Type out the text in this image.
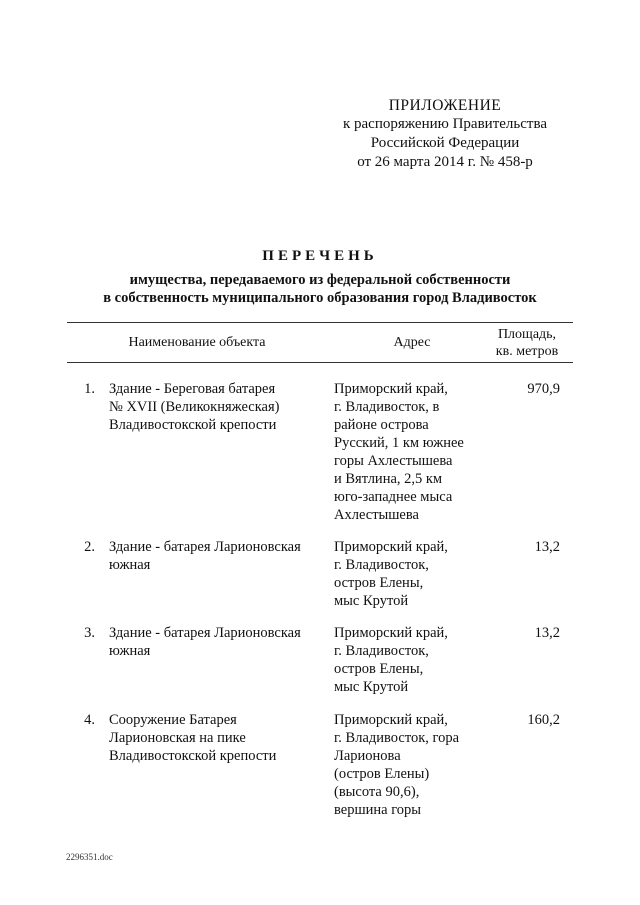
ПРИЛОЖЕНИЕ
к распоряжению Правительства
Российской Федерации
от 26 марта 2014 г. № 458-р
ПЕРЕЧЕНЬ
имущества, передаваемого из федеральной собственности
в собственность муниципального образования город Владивосток
Наименование объекта	Адрес
Площадь,
кв. метров
1. Здание - Береговая батарея
№ XVII (Великокняжеская)
Владивостокской крепости
Приморский край,
г. Владивосток, в
районе острова
Русский, 1 км южнее
горы Ахлестышева
и Вятлина, 2,5 км
юго-западнее мыса
Ахлестышева
970,9
2. Здание - батарея Ларионовская
южная
Приморский край,
г. Владивосток,
остров Елены,
мыс Крутой
13,2
3. Здание - батарея Ларионовская
южная
Приморский край,
г. Владивосток,
остров Елены,
мыс Крутой
13,2
4. Сооружение Батарея
Ларионовская на пике
Владивостокской крепости
Приморский край,
г. Владивосток, гора
Ларионова
(остров Елены)
(высота 90,6),
вершина горы
160,2
2296351.doc
